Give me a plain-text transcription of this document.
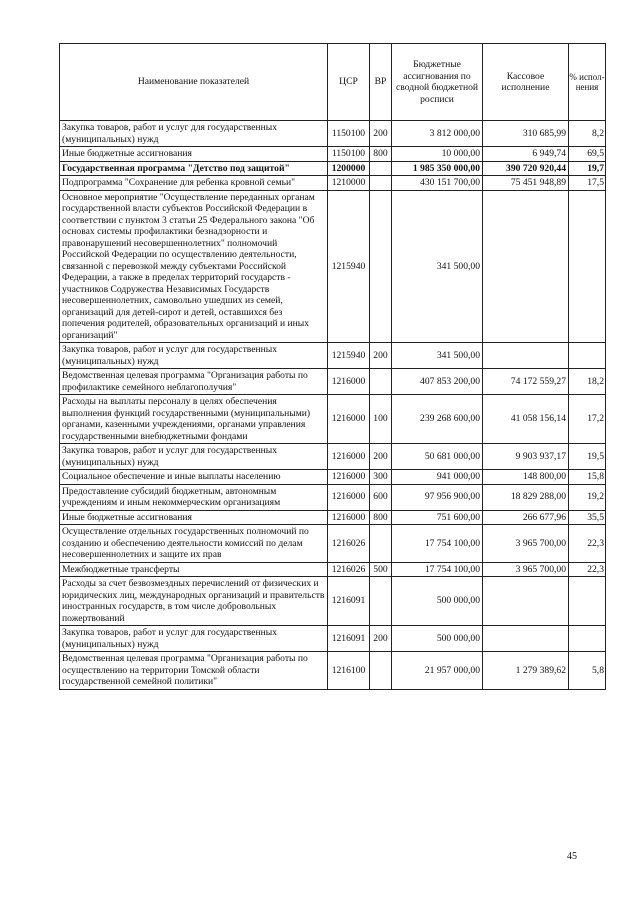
Наименование показателей	ЦСР	ВР	Бюджетные ассигнования по сводной бюджетной росписи	Кассовое исполнение	% испол-нения
Закупка товаров, работ и услуг для государственных (муниципальных) нужд	1150100	200	3 812 000,00	310 685,99	8,2
Иные бюджетные ассигнования	1150100	800	10 000,00	6 949,74	69,5
Государственная программа "Детство под защитой"	1200000		1 985 350 000,00	390 720 920,44	19,7
Подпрограмма "Сохранение для ребенка кровной семьи"	1210000		430 151 700,00	75 451 948,89	17,5
Основное мероприятие "Осуществление переданных органам государственной власти субъектов Российской Федерации в соответствии с пунктом 3 статьи 25 Федерального закона "Об основах системы профилактики безнадзорности и правонарушений несовершеннолетних" полномочий Российской Федерации по осуществлению деятельности, связанной с перевозкой между субъектами Российской Федерации, а также в пределах территорий государств - участников Содружества Независимых Государств несовершеннолетних, самовольно ушедших из семей, организаций для детей-сирот и детей, оставшихся без попечения родителей, образовательных организаций и иных организаций"	1215940		341 500,00		
Закупка товаров, работ и услуг для государственных (муниципальных) нужд	1215940	200	341 500,00		
Ведомственная целевая программа "Организация работы по профилактике семейного неблагополучия"	1216000		407 853 200,00	74 172 559,27	18,2
Расходы на выплаты персоналу в целях обеспечения выполнения функций государственными (муниципальными) органами, казенными учреждениями, органами управления государственными внебюджетными фондами	1216000	100	239 268 600,00	41 058 156,14	17,2
Закупка товаров, работ и услуг для государственных (муниципальных) нужд	1216000	200	50 681 000,00	9 903 937,17	19,5
Социальное обеспечение и иные выплаты населению	1216000	300	941 000,00	148 800,00	15,8
Предоставление субсидий бюджетным, автономным учреждениям и иным некоммерческим организациям	1216000	600	97 956 900,00	18 829 288,00	19,2
Иные бюджетные ассигнования	1216000	800	751 600,00	266 677,96	35,5
Осуществление отдельных государственных полномочий по созданию и обеспечению деятельности комиссий по делам несовершеннолетних и защите их прав	1216026		17 754 100,00	3 965 700,00	22,3
Межбюджетные трансферты	1216026	500	17 754 100,00	3 965 700,00	22,3
Расходы за счет безвозмездных перечислений от физических и юридических лиц, международных организаций и правительств иностранных государств, в том числе добровольных пожертвований	1216091		500 000,00		
Закупка товаров, работ и услуг для государственных (муниципальных) нужд	1216091	200	500 000,00		
Ведомственная целевая программа "Организация работы по осуществлению на территории Томской области государственной семейной политики"	1216100		21 957 000,00	1 279 389,62	5,8
45
